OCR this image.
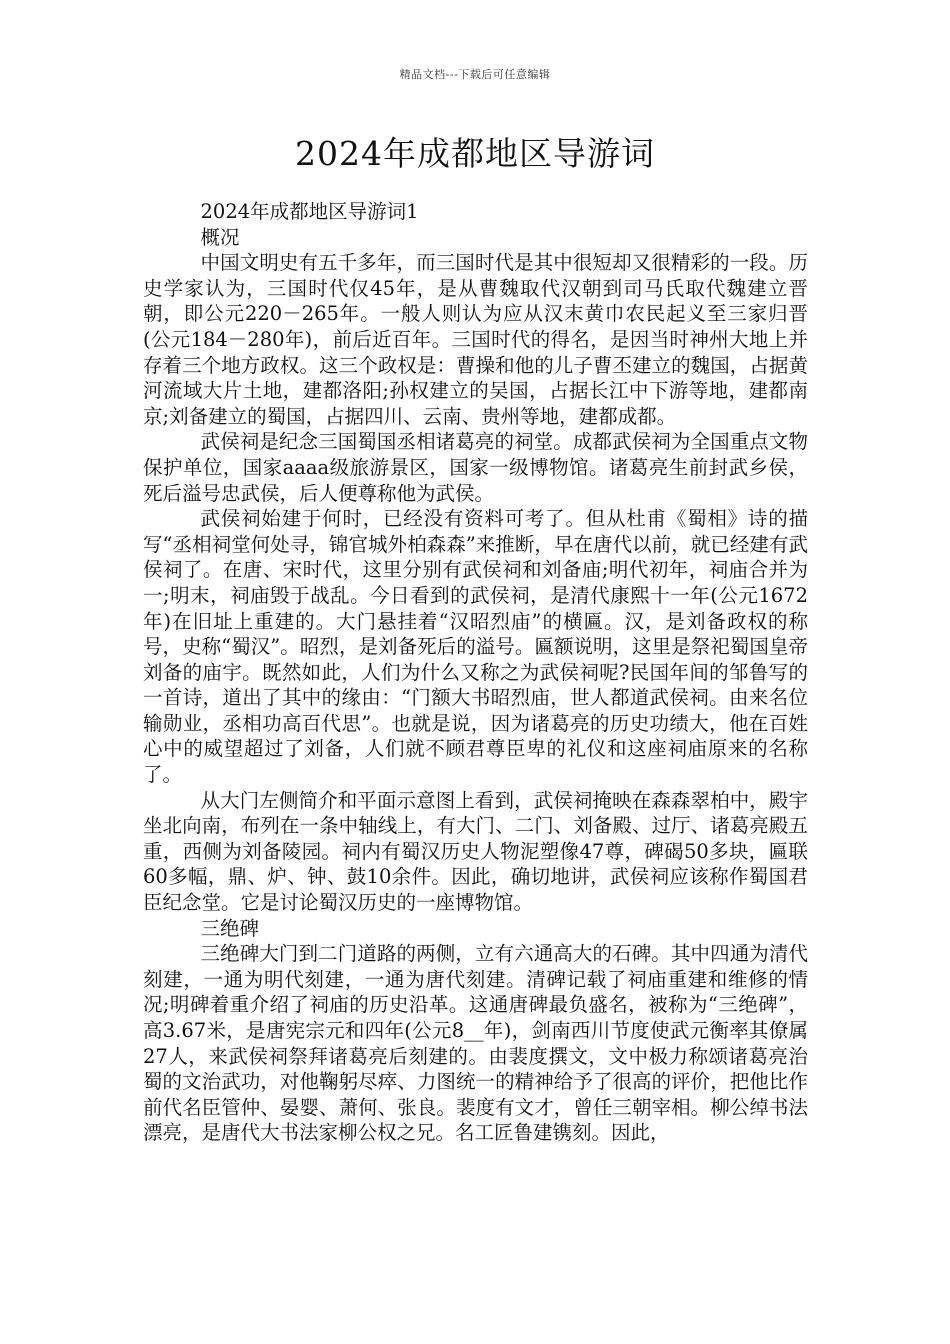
精品文档---下载后可任意编辑
2024年成都地区导游词

2024年成都地区导游词1

概况

中国文明史有五千多年，而三国时代是其中很短却又很精彩的一段。历史学家认为，三国时代仅45年，是从曹魏取代汉朝到司马氏取代魏建立晋朝，即公元220－265年。一般人则认为应从汉末黄巾农民起义至三家归晋(公元184－280年)，前后近百年。三国时代的得名，是因当时神州大地上并存着三个地方政权。这三个政权是：曹操和他的儿子曹丕建立的魏国，占据黄河流域大片土地，建都洛阳;孙权建立的吴国，占据长江中下游等地，建都南京;刘备建立的蜀国，占据四川、云南、贵州等地，建都成都。

武侯祠是纪念三国蜀国丞相诸葛亮的祠堂。成都武侯祠为全国重点文物保护单位，国家aaaa级旅游景区，国家一级博物馆。诸葛亮生前封武乡侯，死后溢号忠武侯，后人便尊称他为武侯。

武侯祠始建于何时，已经没有资料可考了。但从杜甫《蜀相》诗的描写“丞相祠堂何处寻，锦官城外柏森森”来推断，早在唐代以前，就已经建有武侯祠了。在唐、宋时代，这里分别有武侯祠和刘备庙;明代初年，祠庙合并为一;明末，祠庙毁于战乱。今日看到的武侯祠，是清代康熙十一年(公元1672年)在旧址上重建的。大门悬挂着“汉昭烈庙”的横匾。汉，是刘备政权的称号，史称“蜀汉”。昭烈，是刘备死后的溢号。匾额说明，这里是祭祀蜀国皇帝刘备的庙宇。既然如此，人们为什么又称之为武侯祠呢?民国年间的邹鲁写的一首诗，道出了其中的缘由：“门额大书昭烈庙，世人都道武侯祠。由来名位输勋业，丞相功高百代思”。也就是说，因为诸葛亮的历史功绩大，他在百姓心中的威望超过了刘备，人们就不顾君尊臣卑的礼仪和这座祠庙原来的名称了。

从大门左侧简介和平面示意图上看到，武侯祠掩映在森森翠柏中，殿宇坐北向南，布列在一条中轴线上，有大门、二门、刘备殿、过厅、诸葛亮殿五重，西侧为刘备陵园。祠内有蜀汉历史人物泥塑像47尊，碑碣50多块，匾联60多幅，鼎、炉、钟、鼓10余件。因此，确切地讲，武侯祠应该称作蜀国君臣纪念堂。它是讨论蜀汉历史的一座博物馆。

三绝碑

三绝碑大门到二门道路的两侧，立有六通高大的石碑。其中四通为清代刻建，一通为明代刻建，一通为唐代刻建。清碑记载了祠庙重建和维修的情况;明碑着重介绍了祠庙的历史沿革。这通唐碑最负盛名，被称为“三绝碑”，高3.67米，是唐宪宗元和四年(公元8__年)，剑南西川节度使武元衡率其僚属27人，来武侯祠祭拜诸葛亮后刻建的。由裴度撰文，文中极力称颂诸葛亮治蜀的文治武功，对他鞠躬尽瘁、力图统一的精神给予了很高的评价，把他比作前代名臣管仲、晏婴、萧何、张良。裴度有文才，曾任三朝宰相。柳公绰书法漂亮，是唐代大书法家柳公权之兄。名工匠鲁建镌刻。因此，
